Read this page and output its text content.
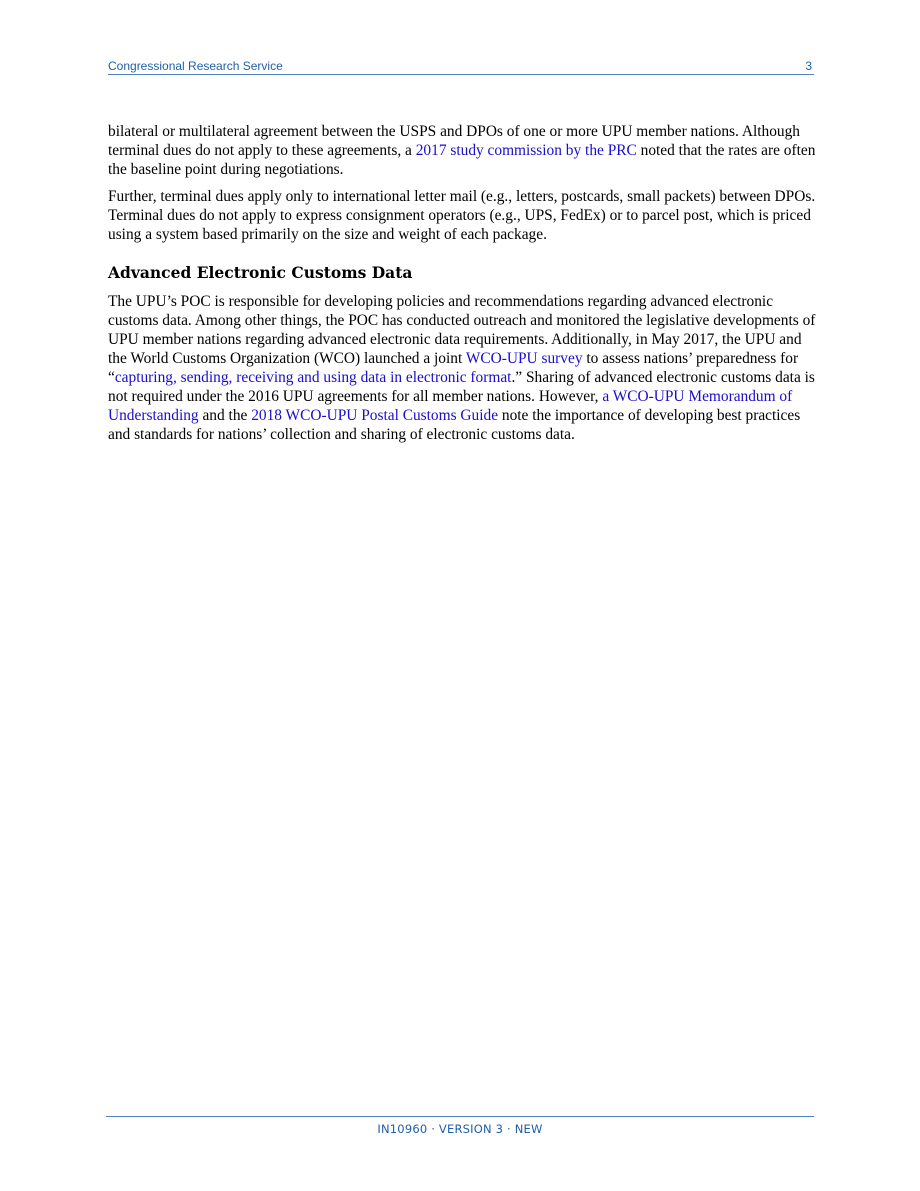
Congressional Research Service	3

bilateral or multilateral agreement between the USPS and DPOs of one or more UPU member nations. Although terminal dues do not apply to these agreements, a 2017 study commission by the PRC noted that the rates are often the baseline point during negotiations.

Further, terminal dues apply only to international letter mail (e.g., letters, postcards, small packets) between DPOs. Terminal dues do not apply to express consignment operators (e.g., UPS, FedEx) or to parcel post, which is priced using a system based primarily on the size and weight of each package.

Advanced Electronic Customs Data

The UPU’s POC is responsible for developing policies and recommendations regarding advanced electronic customs data. Among other things, the POC has conducted outreach and monitored the legislative developments of UPU member nations regarding advanced electronic data requirements. Additionally, in May 2017, the UPU and the World Customs Organization (WCO) launched a joint WCO-UPU survey to assess nations’ preparedness for “capturing, sending, receiving and using data in electronic format.” Sharing of advanced electronic customs data is not required under the 2016 UPU agreements for all member nations. However, a WCO-UPU Memorandum of Understanding and the 2018 WCO-UPU Postal Customs Guide note the importance of developing best practices and standards for nations’ collection and sharing of electronic customs data.

IN10960 · VERSION 3 · NEW
